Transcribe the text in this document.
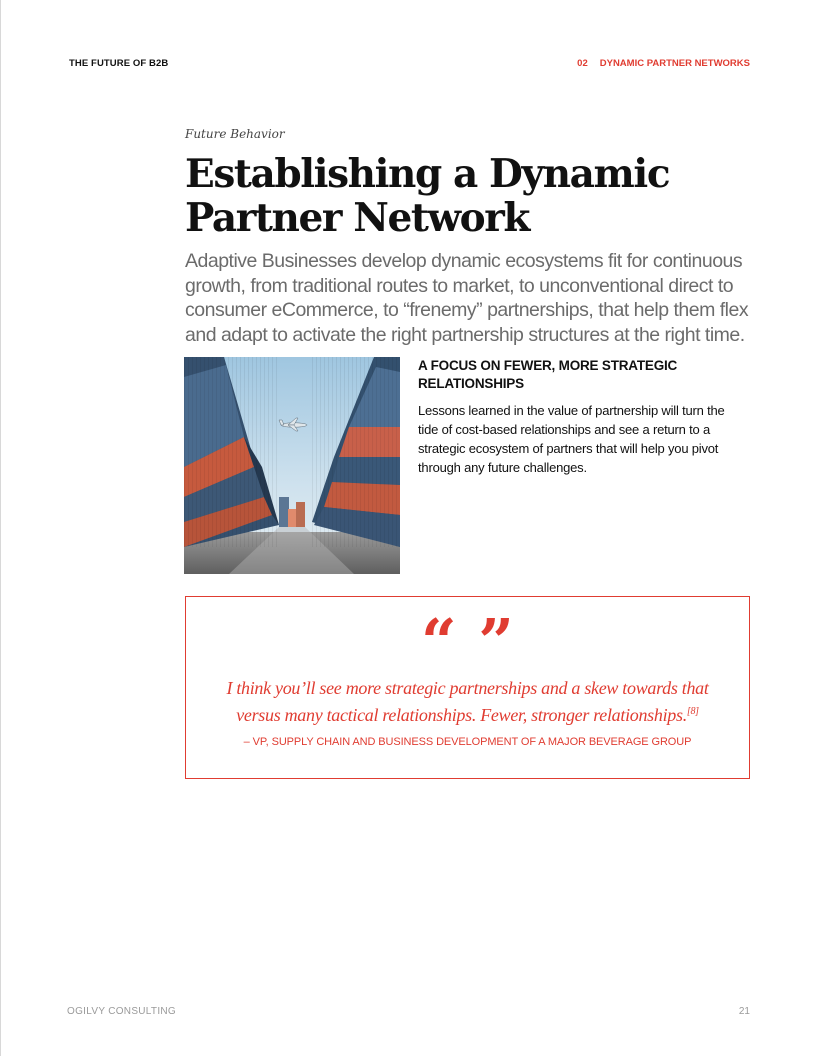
THE FUTURE OF B2B	02 DYNAMIC PARTNER NETWORKS
Future Behavior
Establishing a Dynamic
Partner Network

Adaptive Businesses develop dynamic ecosystems fit for continuous growth, from traditional routes to market, to unconventional direct to consumer eCommerce, to “frenemy” partnerships, that help them flex and adapt to activate the right partnership structures at the right time.

A FOCUS ON FEWER, MORE STRATEGIC RELATIONSHIPS

Lessons learned in the value of partnership will turn the tide of cost-based relationships and see a return to a strategic ecosystem of partners that will help you pivot through any future challenges.

“ ”

I think you’ll see more strategic partnerships and a skew towards that versus many tactical relationships. Fewer, stronger relationships.[8]

– VP, SUPPLY CHAIN AND BUSINESS DEVELOPMENT OF A MAJOR BEVERAGE GROUP
OGILVY CONSULTING	21
